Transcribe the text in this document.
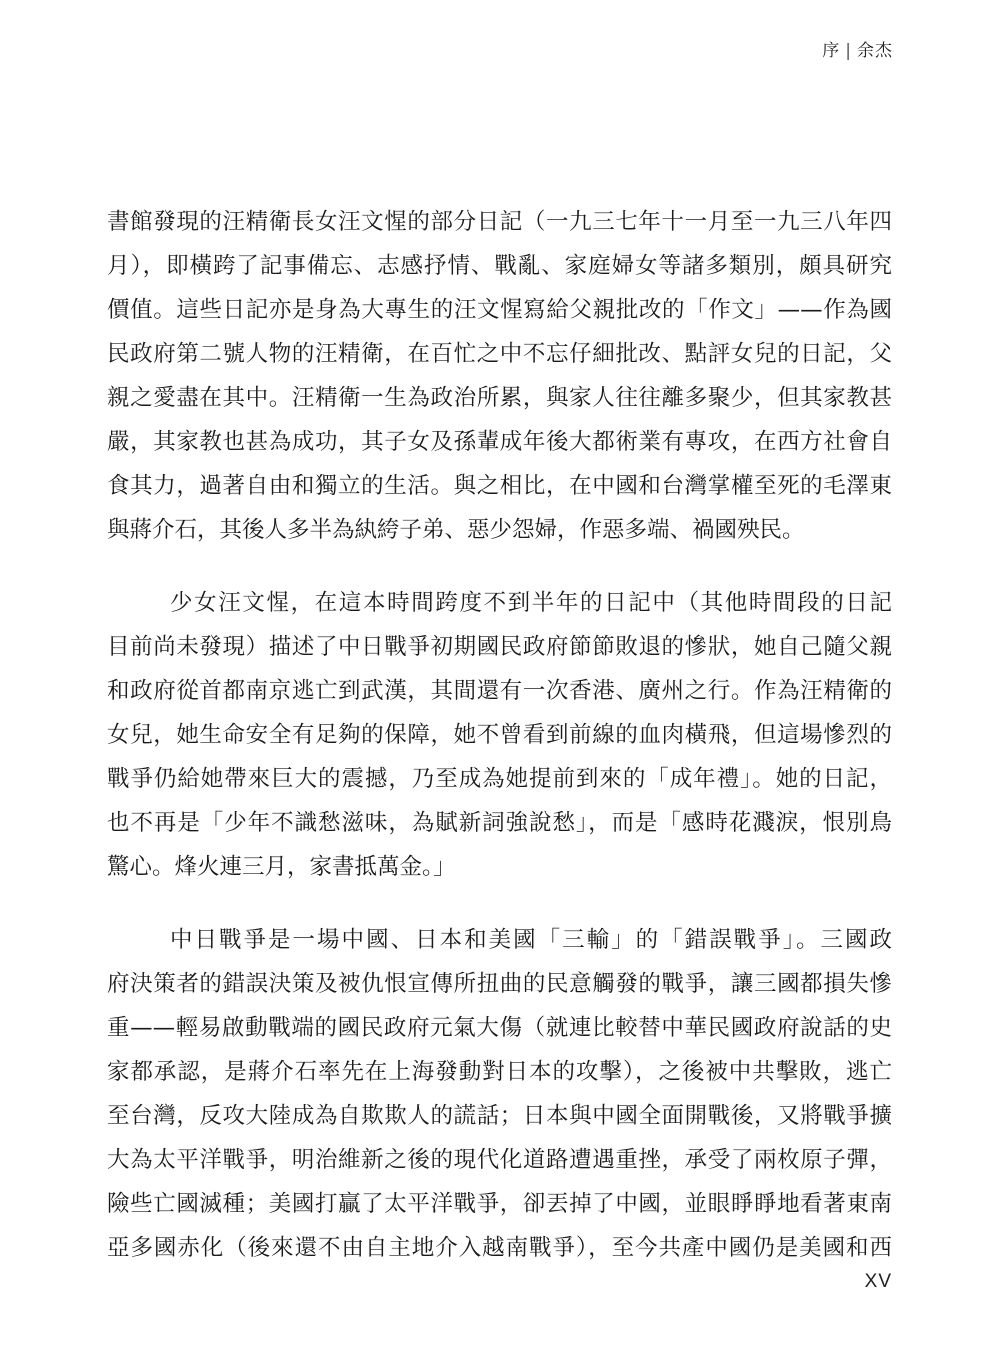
序 | 余杰
書館發現的汪精衛長女汪文惺的部分日記（一九三七年十一月至一九三八年四
月），即橫跨了記事備忘、志感抒情、戰亂、家庭婦女等諸多類別，頗具研究
價值。這些日記亦是身為大專生的汪文惺寫給父親批改的「作文」——作為國
民政府第二號人物的汪精衛，在百忙之中不忘仔細批改、點評女兒的日記，父
親之愛盡在其中。汪精衛一生為政治所累，與家人往往離多聚少，但其家教甚
嚴，其家教也甚為成功，其子女及孫輩成年後大都術業有專攻，在西方社會自
食其力，過著自由和獨立的生活。與之相比，在中國和台灣掌權至死的毛澤東
與蔣介石，其後人多半為紈絝子弟、惡少怨婦，作惡多端、禍國殃民。
少女汪文惺，在這本時間跨度不到半年的日記中（其他時間段的日記
目前尚未發現）描述了中日戰爭初期國民政府節節敗退的慘狀，她自己隨父親
和政府從首都南京逃亡到武漢，其間還有一次香港、廣州之行。作為汪精衛的
女兒，她生命安全有足夠的保障，她不曾看到前線的血肉橫飛，但這場慘烈的
戰爭仍給她帶來巨大的震撼，乃至成為她提前到來的「成年禮」。她的日記，
也不再是「少年不識愁滋味，為賦新詞強說愁」，而是「感時花濺淚，恨別鳥
驚心。烽火連三月，家書抵萬金。」
中日戰爭是一場中國、日本和美國「三輸」的「錯誤戰爭」。三國政
府決策者的錯誤決策及被仇恨宣傳所扭曲的民意觸發的戰爭，讓三國都損失慘
重——輕易啟動戰端的國民政府元氣大傷（就連比較替中華民國政府說話的史
家都承認，是蔣介石率先在上海發動對日本的攻擊），之後被中共擊敗，逃亡
至台灣，反攻大陸成為自欺欺人的謊話；日本與中國全面開戰後，又將戰爭擴
大為太平洋戰爭，明治維新之後的現代化道路遭遇重挫，承受了兩枚原子彈，
險些亡國滅種；美國打贏了太平洋戰爭，卻丟掉了中國，並眼睜睜地看著東南
亞多國赤化（後來還不由自主地介入越南戰爭），至今共產中國仍是美國和西
XV
